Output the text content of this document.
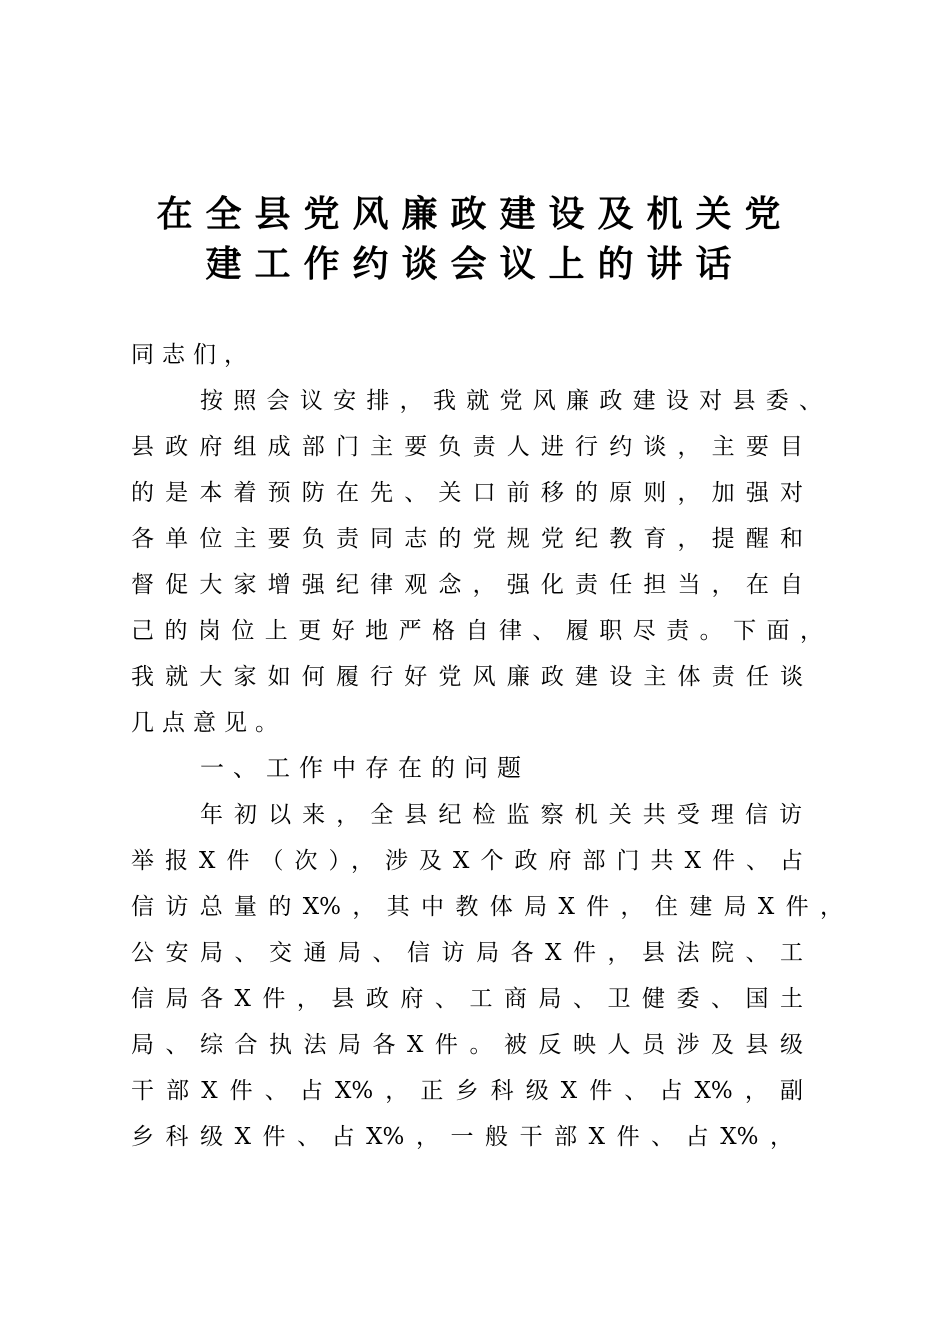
在全县党风廉政建设及机关党
建工作约谈会议上的讲话
同志们，
按照会议安排，我就党风廉政建设对县委、
县政府组成部门主要负责人进行约谈，主要目
的是本着预防在先、关口前移的原则，加强对
各单位主要负责同志的党规党纪教育，提醒和
督促大家增强纪律观念，强化责任担当，在自
己的岗位上更好地严格自律、履职尽责。下面，
我就大家如何履行好党风廉政建设主体责任谈
几点意见。
一、工作中存在的问题
年初以来，全县纪检监察机关共受理信访
举报X件（次），涉及X个政府部门共X件、占
信访总量的X%，其中教体局X件，住建局X件，
公安局、交通局、信访局各X件，县法院、工
信局各X件，县政府、工商局、卫健委、国土
局、综合执法局各X件。被反映人员涉及县级
干部X件、占X%，正乡科级X件、占X%，副
乡科级X件、占X%，一般干部X件、占X%，
